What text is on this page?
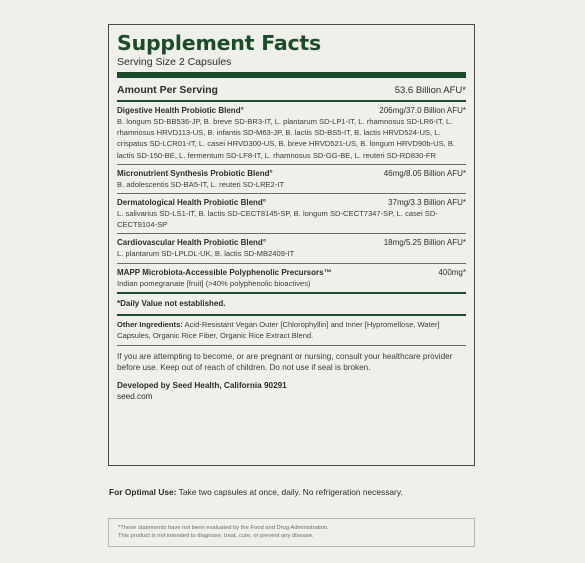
Supplement Facts
Serving Size 2 Capsules
Amount Per Serving	53.6 Billion AFU*
Digestive Health Probiotic Blend°	206mg/37.0 Billion AFU*
B. longum SD-BB536-JP, B. breve SD-BR3-IT, L. plantarum SD-LP1-IT, L. rhamnosus SD-LR6-IT, L. rhamnosus HRVD113-US, B. infantis SD-M63-JP, B. lactis SD-BS5-IT, B. lactis HRVD524-US, L. crispatus SD-LCR01-IT, L. casei HRVD300-US, B. breve HRVD521-US, B. longum HRVD90b-US, B. lactis SD-150-BE, L. fermentum SD-LF8-IT, L. rhamnosus SD-GG-BE, L. reuteri SD-RD830-FR
Micronutrient Synthesis Probiotic Blend°	46mg/8.05 Billion AFU*
B. adolescentis SD-BA5-IT, L. reuteri SD-LRE2-IT
Dermatological Health Probiotic Blend°	37mg/3.3 Billion AFU*
L. salivarius SD-LS1-IT, B. lactis SD-CECT8145-SP, B. longum SD-CECT7347-SP, L. casei SD-CECT9104-SP
Cardiovascular Health Probiotic Blend°	18mg/5.25 Billion AFU*
L. plantarum SD-LPLDL-UK, B. lactis SD-MB2409-IT
MAPP Microbiota-Accessible Polyphenolic Precursors™	400mg*
Indian pomegranate [fruit] (>40% polyphenolic bioactives)
*Daily Value not established.
Other Ingredients: Acid-Resistant Vegan Outer [Chlorophyllin] and Inner [Hypromellose, Water] Capsules, Organic Rice Fiber, Organic Rice Extract Blend.
If you are attempting to become, or are pregnant or nursing, consult your healthcare provider before use. Keep out of reach of children. Do not use if seal is broken.
Developed by Seed Health, California 90291
seed.com
For Optimal Use: Take two capsules at once, daily. No refrigeration necessary.
*These statements have not been evaluated by the Food and Drug Administration.
This product is not intended to diagnose, treat, cure, or prevent any disease.
